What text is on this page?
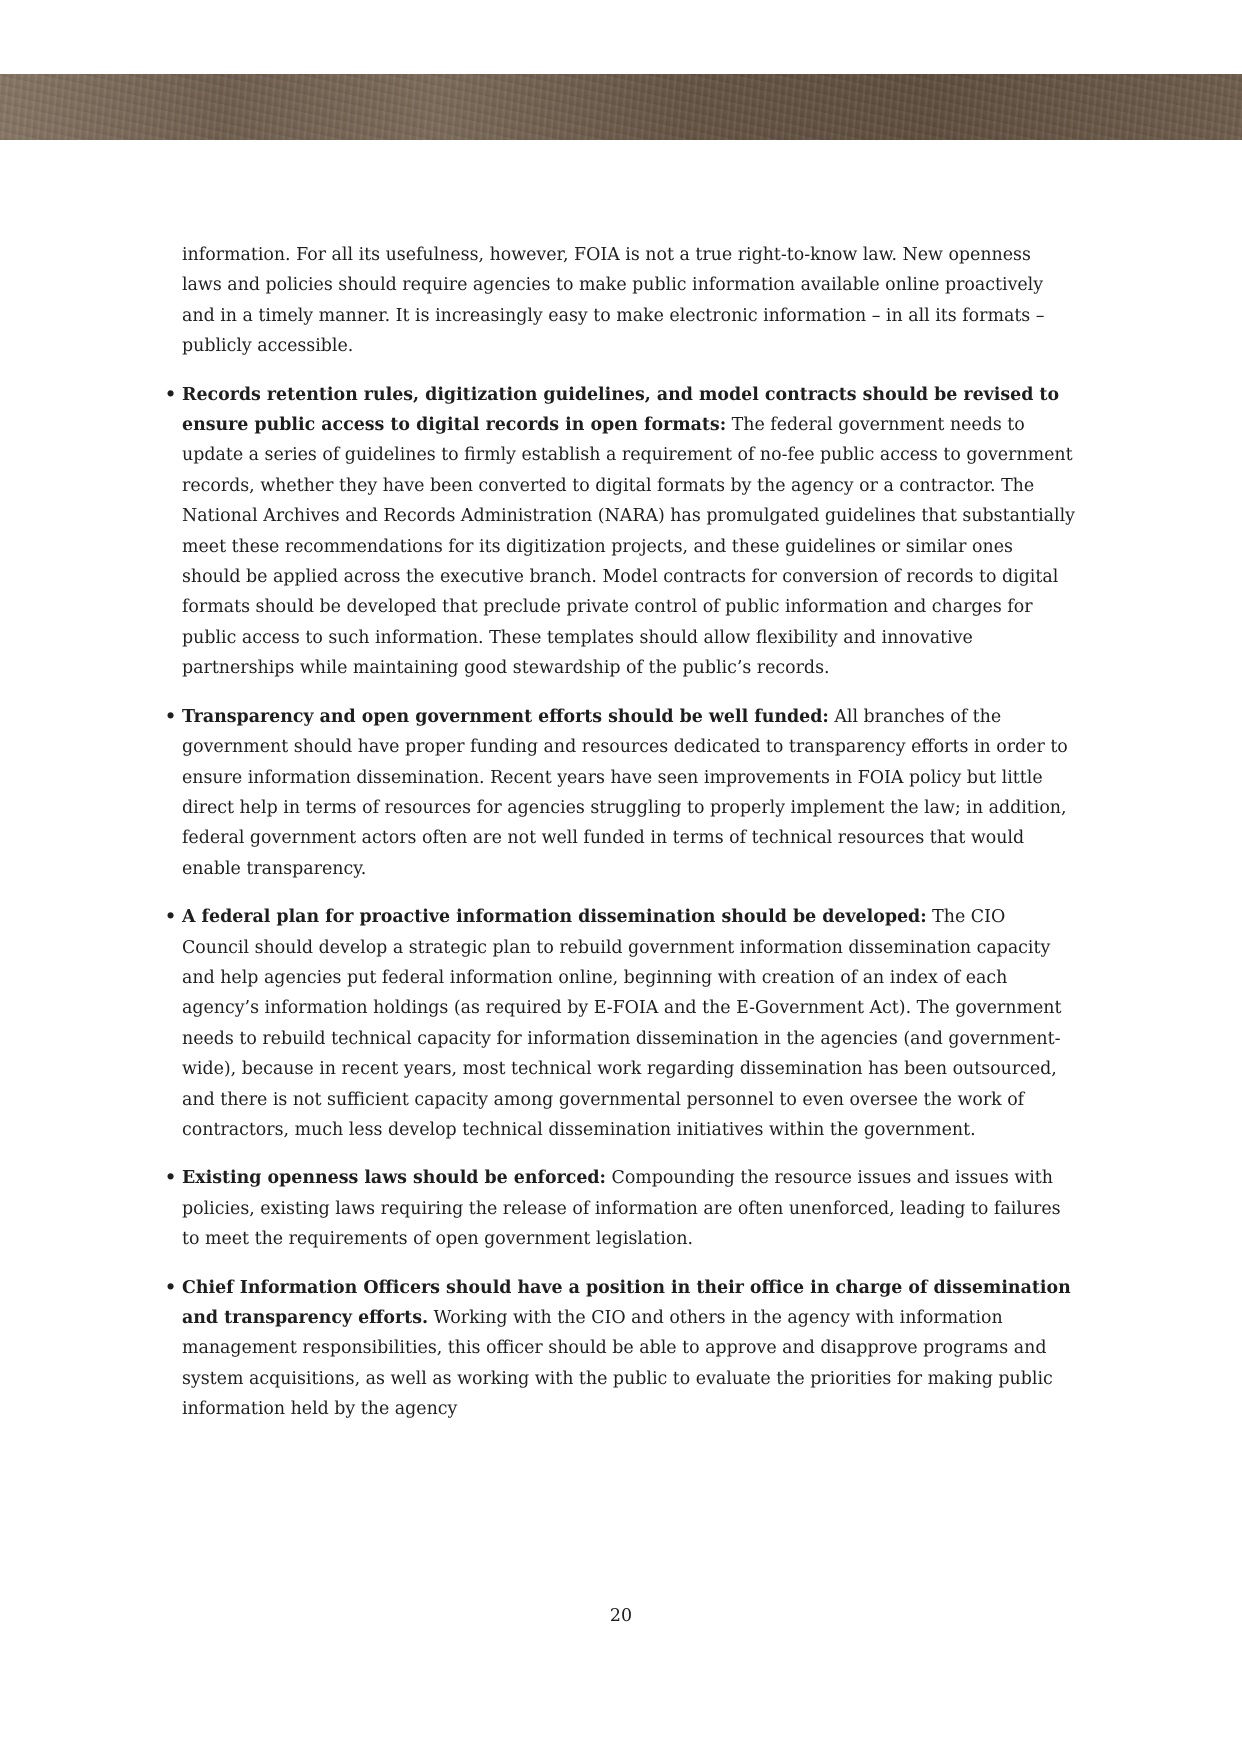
information. For all its usefulness, however, FOIA is not a true right-to-know law. New openness laws and policies should require agencies to make public information available online proactively and in a timely manner. It is increasingly easy to make electronic information – in all its formats – publicly accessible.

• Records retention rules, digitization guidelines, and model contracts should be revised to ensure public access to digital records in open formats: The federal government needs to update a series of guidelines to firmly establish a requirement of no-fee public access to government records, whether they have been converted to digital formats by the agency or a contractor. The National Archives and Records Administration (NARA) has promulgated guidelines that substantially meet these recommendations for its digitization projects, and these guidelines or similar ones should be applied across the executive branch. Model contracts for conversion of records to digital formats should be developed that preclude private control of public information and charges for public access to such information. These templates should allow flexibility and innovative partnerships while maintaining good stewardship of the public’s records.
• Transparency and open government efforts should be well funded: All branches of the government should have proper funding and resources dedicated to transparency efforts in order to ensure information dissemination. Recent years have seen improvements in FOIA policy but little direct help in terms of resources for agencies struggling to properly implement the law; in addition, federal government actors often are not well funded in terms of technical resources that would enable transparency.
• A federal plan for proactive information dissemination should be developed: The CIO Council should develop a strategic plan to rebuild government information dissemination capacity and help agencies put federal information online, beginning with creation of an index of each agency’s information holdings (as required by E-FOIA and the E-Government Act). The government needs to rebuild technical capacity for information dissemination in the agencies (and government-wide), because in recent years, most technical work regarding dissemination has been outsourced, and there is not sufficient capacity among governmental personnel to even oversee the work of contractors, much less develop technical dissemination initiatives within the government.
• Existing openness laws should be enforced: Compounding the resource issues and issues with policies, existing laws requiring the release of information are often unenforced, leading to failures to meet the requirements of open government legislation.
• Chief Information Officers should have a position in their office in charge of dissemination and transparency efforts. Working with the CIO and others in the agency with information management responsibilities, this officer should be able to approve and disapprove programs and system acquisitions, as well as working with the public to evaluate the priorities for making public information held by the agency
20
